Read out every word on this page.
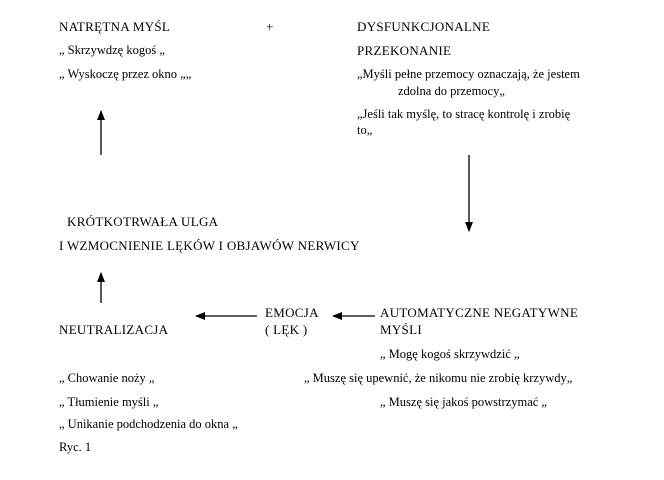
NATRĘTNA MYŚL
„ Skrzywdzę kogoś „
„ Wyskoczę przez okno „„
+	DYSFUNKCJONALNE
PRZEKONANIE
„Myśli pełne przemocy oznaczają, że jestem
zdolna do przemocy„
„Jeśli tak myślę, to stracę kontrolę i zrobię
to„
KRÓTKOTRWAŁA ULGA
I WZMOCNIENIE LĘKÓW I OBJAWÓW NERWICY
EMOCJA
( LĘK )
AUTOMATYCZNE NEGATYWNE
MYŚLI
„ Mogę kogoś skrzywdzić „
„ Muszę się upewnić, że nikomu nie zrobię krzywdy„
„ Muszę się jakoś powstrzymać „
NEUTRALIZACJA
„ Chowanie noży „
„ Tłumienie myśli „
„ Unikanie podchodzenia do okna „
Ryc. 1
